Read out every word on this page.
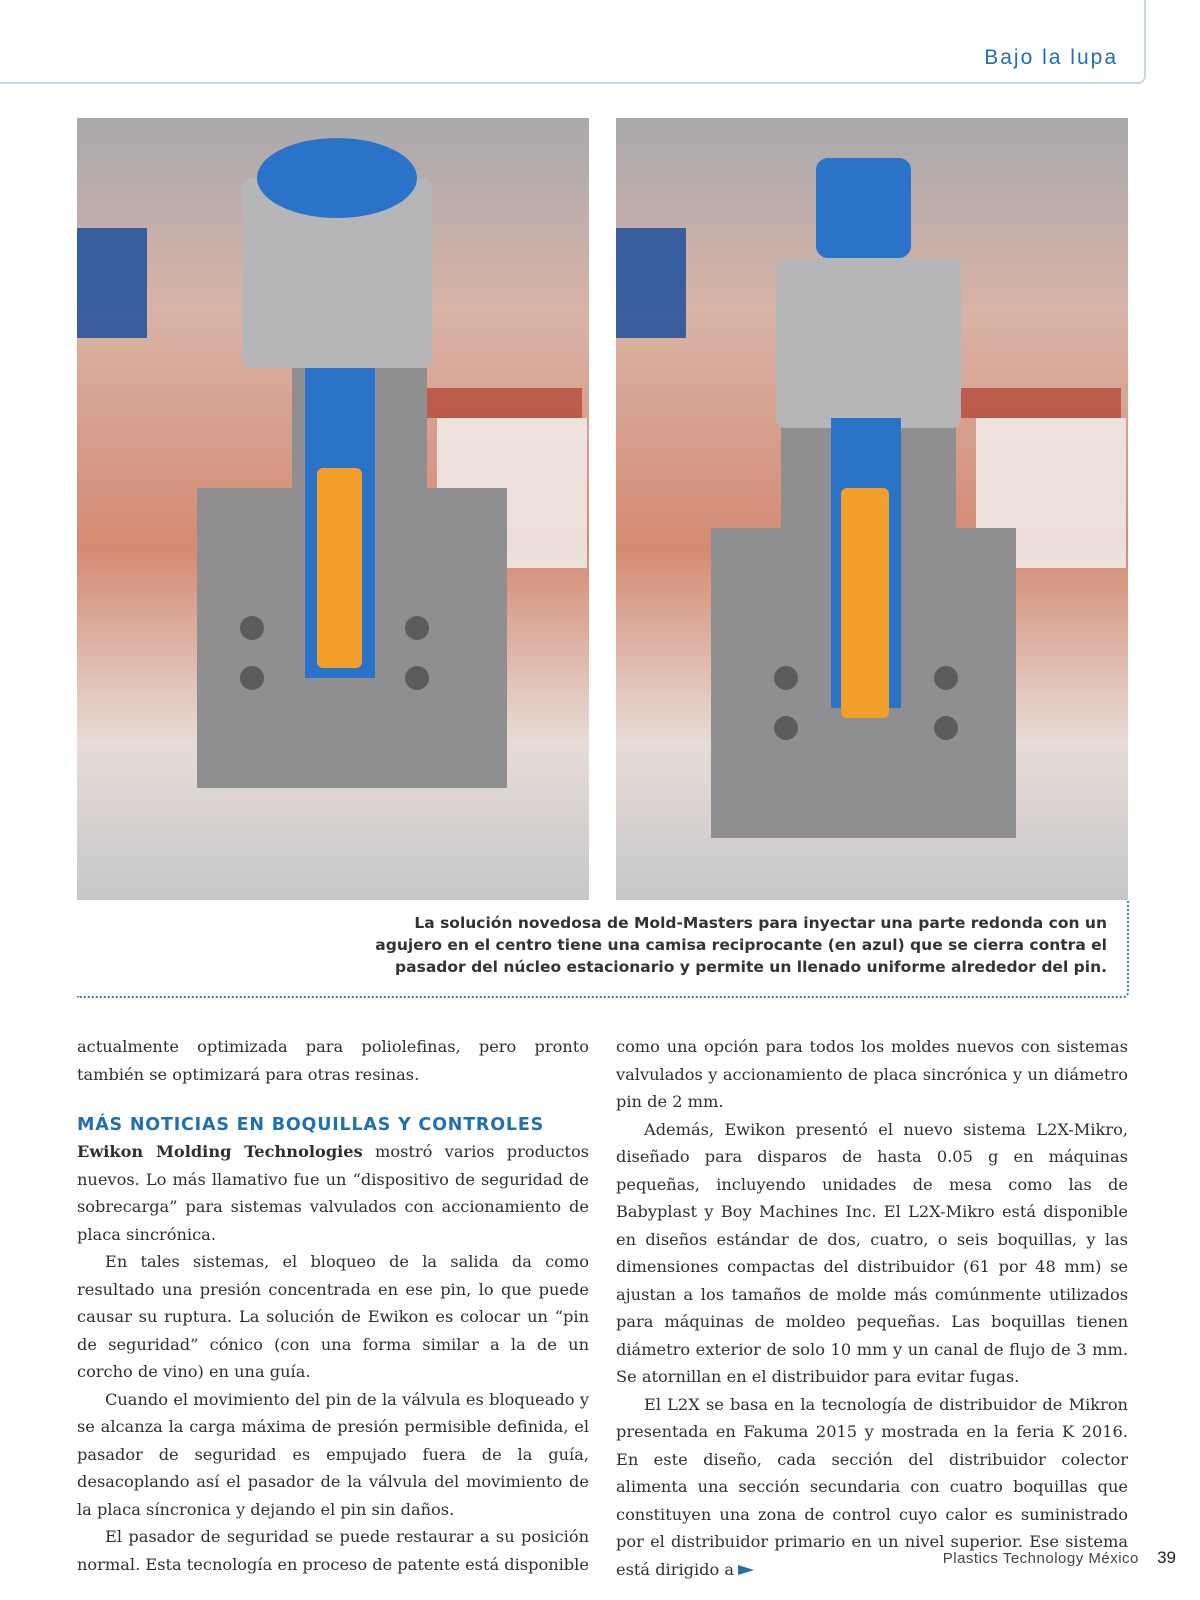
Bajo la lupa
La solución novedosa de Mold-Masters para inyectar una parte redonda con un agujero en el centro tiene una camisa reciprocante (en azul) que se cierra contra el pasador del núcleo estacionario y permite un llenado uniforme alrededor del pin.

actualmente optimizada para poliolefinas, pero pronto también se optimizará para otras resinas.

MÁS NOTICIAS EN BOQUILLAS Y CONTROLES

Ewikon Molding Technologies mostró varios productos nuevos. Lo más llamativo fue un “dispositivo de seguridad de sobrecarga” para sistemas valvulados con accionamiento de placa sincrónica.

En tales sistemas, el bloqueo de la salida da como resultado una presión concentrada en ese pin, lo que puede causar su ruptura. La solución de Ewikon es colocar un “pin de seguridad” cónico (con una forma similar a la de un corcho de vino) en una guía.

Cuando el movimiento del pin de la válvula es bloqueado y se alcanza la carga máxima de presión permisible definida, el pasador de seguridad es empujado fuera de la guía, desacoplando así el pasador de la válvula del movimiento de la placa síncronica y dejando el pin sin daños.

El pasador de seguridad se puede restaurar a su posición normal. Esta tecnología en proceso de patente está disponible

como una opción para todos los moldes nuevos con sistemas valvulados y accionamiento de placa sincrónica y un diámetro pin de 2 mm.

Además, Ewikon presentó el nuevo sistema L2X-Mikro, diseñado para disparos de hasta 0.05 g en máquinas pequeñas, incluyendo unidades de mesa como las de Babyplast y Boy Machines Inc. El L2X-Mikro está disponible en diseños estándar de dos, cuatro, o seis boquillas, y las dimensiones compactas del distribuidor (61 por 48 mm) se ajustan a los tamaños de molde más comúnmente utilizados para máquinas de moldeo pequeñas. Las boquillas tienen diámetro exterior de solo 10 mm y un canal de flujo de 3 mm. Se atornillan en el distribuidor para evitar fugas.

El L2X se basa en la tecnología de distribuidor de Mikron presentada en Fakuma 2015 y mostrada en la feria K 2016. En este diseño, cada sección del distribuidor colector alimenta una sección secundaria con cuatro boquillas que constituyen una zona de control cuyo calor es suministrado por el distribuidor primario en un nivel superior. Ese sistema está dirigido a

Plastics Technology México 39
